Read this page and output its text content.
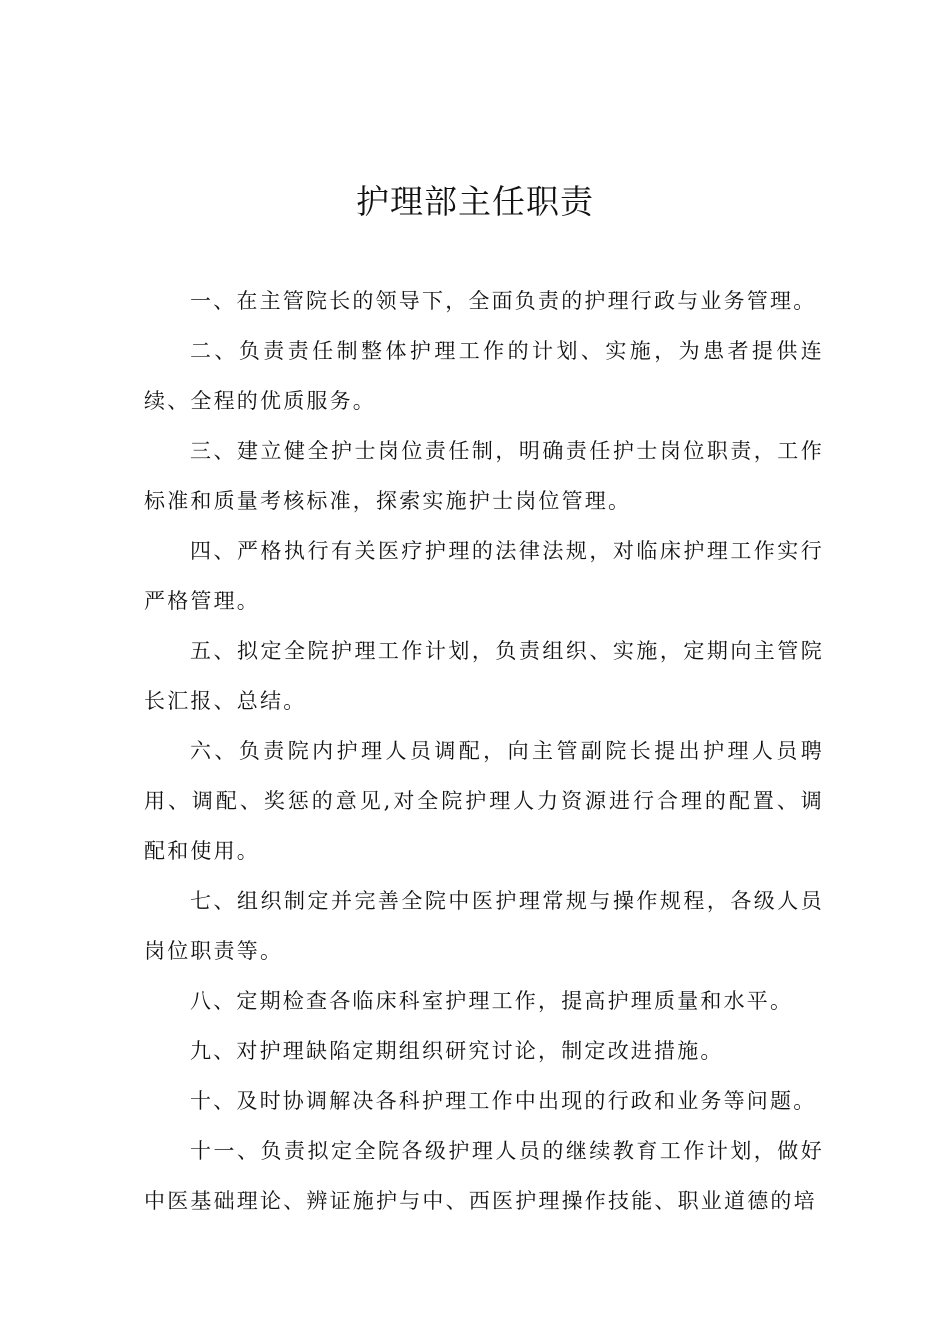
护理部主任职责

一、在主管院长的领导下，全面负责的护理行政与业务管理。

二、负责责任制整体护理工作的计划、实施，为患者提供连续、全程的优质服务。

三、建立健全护士岗位责任制，明确责任护士岗位职责，工作标准和质量考核标准，探索实施护士岗位管理。

四、严格执行有关医疗护理的法律法规，对临床护理工作实行严格管理。

五、拟定全院护理工作计划，负责组织、实施，定期向主管院长汇报、总结。

六、负责院内护理人员调配，向主管副院长提出护理人员聘用、调配、奖惩的意见,对全院护理人力资源进行合理的配置、调配和使用。

七、组织制定并完善全院中医护理常规与操作规程，各级人员岗位职责等。

八、定期检查各临床科室护理工作，提高护理质量和水平。

九、对护理缺陷定期组织研究讨论，制定改进措施。

十、及时协调解决各科护理工作中出现的行政和业务等问题。

十一、负责拟定全院各级护理人员的继续教育工作计划，做好中医基础理论、辨证施护与中、西医护理操作技能、职业道德的培
